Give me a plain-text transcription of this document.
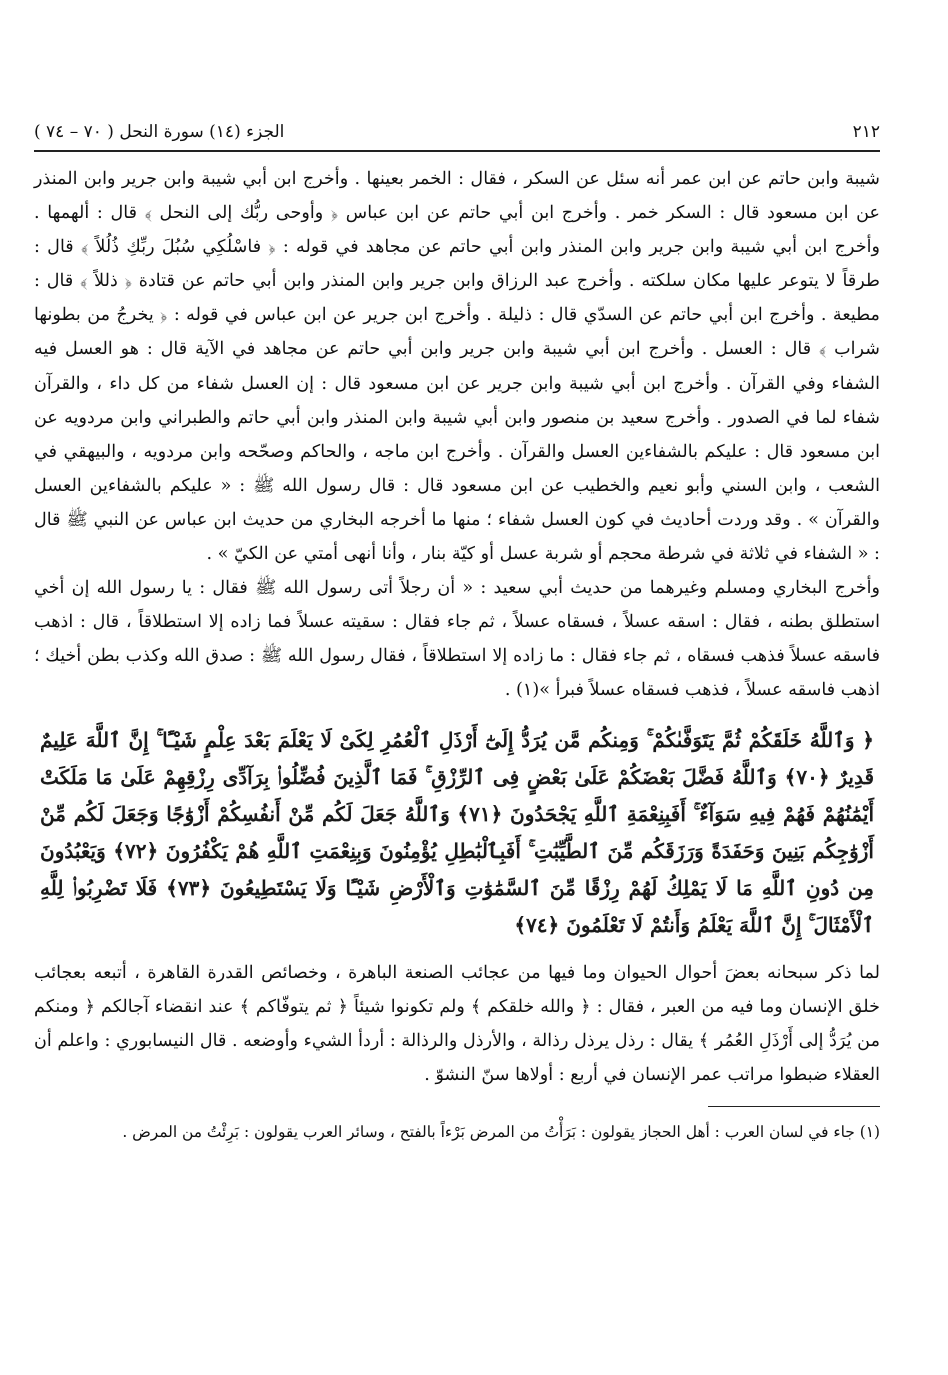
٢١٢
الجزء (١٤) سورة النحل ( ٧٠ – ٧٤ )
شيبة وابن حاتم عن ابن عمر أنه سئل عن السكر ، فقال : الخمر بعينها . وأخرج ابن أبي شيبة وابن جرير وابن المنذر عن ابن مسعود قال : السكر خمر . وأخرج ابن أبي حاتم عن ابن عباس ﴿ وأوحى ربُّك إلى النحل ﴾ قال : ألهمها . وأخرج ابن أبي شيبة وابن جرير وابن المنذر وابن أبي حاتم عن مجاهد في قوله : ﴿ فاسْلُكِي سُبُلَ ربِّكِ ذُلُلاً ﴾ قال : طرقاً لا يتوعر عليها مكان سلكته . وأخرج عبد الرزاق وابن جرير وابن المنذر وابن أبي حاتم عن قتادة ﴿ ذللاً ﴾ قال : مطيعة . وأخرج ابن أبي حاتم عن السدّي قال : ذليلة . وأخرج ابن جرير عن ابن عباس في قوله : ﴿ يخرجُ من بطونها شراب ﴾ قال : العسل . وأخرج ابن أبي شيبة وابن جرير وابن أبي حاتم عن مجاهد في الآية قال : هو العسل فيه الشفاء وفي القرآن . وأخرج ابن أبي شيبة وابن جرير عن ابن مسعود قال : إن العسل شفاء من كل داء ، والقرآن شفاء لما في الصدور . وأخرج سعيد بن منصور وابن أبي شيبة وابن المنذر وابن أبي حاتم والطبراني وابن مردويه عن ابن مسعود قال : عليكم بالشفاءين العسل والقرآن . وأخرج ابن ماجه ، والحاكم وصحّحه وابن مردويه ، والبيهقي في الشعب ، وابن السني وأبو نعيم والخطيب عن ابن مسعود قال : قال رسول الله ﷺ : « عليكم بالشفاءين العسل والقرآن » . وقد وردت أحاديث في كون العسل شفاء ؛ منها ما أخرجه البخاري من حديث ابن عباس عن النبي ﷺ قال : « الشفاء في ثلاثة في شرطة محجم أو شربة عسل أو كيّة بنار ، وأنا أنهى أمتي عن الكيّ » .
وأخرج البخاري ومسلم وغيرهما من حديث أبي سعيد : « أن رجلاً أتى رسول الله ﷺ فقال : يا رسول الله إن أخي استطلق بطنه ، فقال : اسقه عسلاً ، فسقاه عسلاً ، ثم جاء فقال : سقيته عسلاً فما زاده إلا استطلاقاً ، قال : اذهب فاسقه عسلاً فذهب فسقاه ، ثم جاء فقال : ما زاده إلا استطلاقاً ، فقال رسول الله ﷺ : صدق الله وكذب بطن أخيك ؛ اذهب فاسقه عسلاً ، فذهب فسقاه عسلاً فبرأ »(١) .
﴿ وَٱللَّهُ خَلَقَكُمْ ثُمَّ يَتَوَفَّىٰكُمْ ۚ وَمِنكُم مَّن يُرَدُّ إِلَىٰٓ أَرْذَلِ ٱلْعُمُرِ لِكَىْ لَا يَعْلَمَ بَعْدَ عِلْمٍ شَيْـًٔا ۚ إِنَّ ٱللَّهَ عَلِيمٌ قَدِيرٌ ﴿٧٠﴾ وَٱللَّهُ فَضَّلَ بَعْضَكُمْ عَلَىٰ بَعْضٍ فِى ٱلرِّزْقِ ۚ فَمَا ٱلَّذِينَ فُضِّلُوا۟ بِرَآدِّى رِزْقِهِمْ عَلَىٰ مَا مَلَكَتْ أَيْمَٰنُهُمْ فَهُمْ فِيهِ سَوَآءٌ ۚ أَفَبِنِعْمَةِ ٱللَّهِ يَجْحَدُونَ ﴿٧١﴾ وَٱللَّهُ جَعَلَ لَكُم مِّنْ أَنفُسِكُمْ أَزْوَٰجًا وَجَعَلَ لَكُم مِّنْ أَزْوَٰجِكُم بَنِينَ وَحَفَدَةً وَرَزَقَكُم مِّنَ ٱلطَّيِّبَٰتِ ۚ أَفَبِٱلْبَٰطِلِ يُؤْمِنُونَ وَبِنِعْمَتِ ٱللَّهِ هُمْ يَكْفُرُونَ ﴿٧٢﴾ وَيَعْبُدُونَ مِن دُونِ ٱللَّهِ مَا لَا يَمْلِكُ لَهُمْ رِزْقًا مِّنَ ٱلسَّمَٰوَٰتِ وَٱلْأَرْضِ شَيْـًٔا وَلَا يَسْتَطِيعُونَ ﴿٧٣﴾ فَلَا تَضْرِبُوا۟ لِلَّهِ ٱلْأَمْثَالَ ۚ إِنَّ ٱللَّهَ يَعْلَمُ وَأَنتُمْ لَا تَعْلَمُونَ ﴿٧٤﴾
لما ذكر سبحانه بعضَ أحوال الحيوان وما فيها من عجائب الصنعة الباهرة ، وخصائص القدرة القاهرة ، أتبعه بعجائب خلق الإنسان وما فيه من العبر ، فقال : ﴿ والله خلقكم ﴾ ولم تكونوا شيئاً ﴿ ثم يتوفّاكم ﴾ عند انقضاء آجالكم ﴿ ومنكم من يُرَدُّ إلى أَرْذَلِ العُمُر ﴾ يقال : رذل يرذل رذالة ، والأرذل والرذالة : أردأ الشيء وأوضعه . قال النيسابوري : واعلم أن العقلاء ضبطوا مراتب عمر الإنسان في أربع : أولاها سنّ النشوّ .
(١) جاء في لسان العرب : أهل الحجاز يقولون : بَرَأْتُ من المرض بَرْءاً بالفتح ، وسائر العرب يقولون : بَرِئْتُ من المرض .
